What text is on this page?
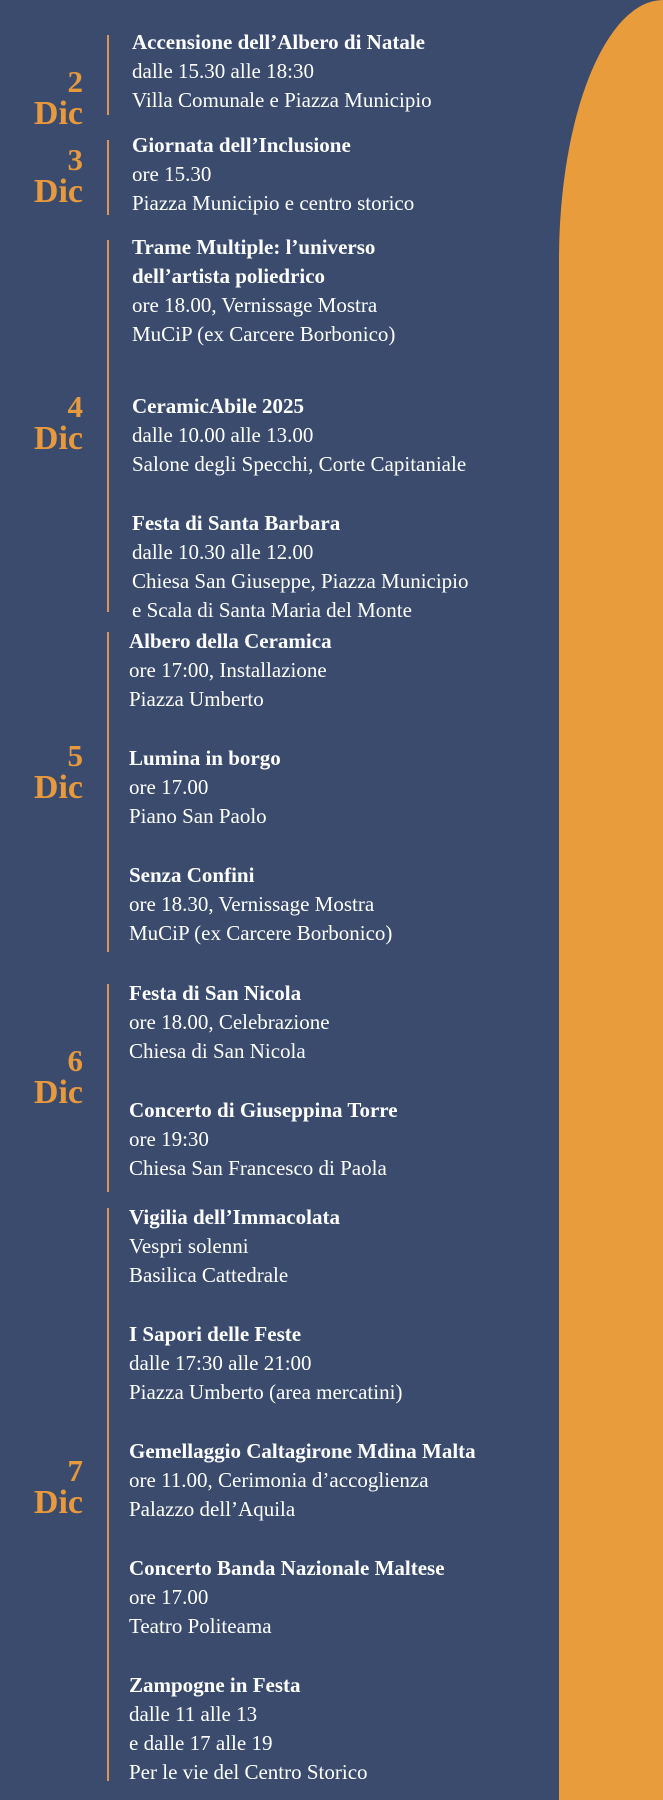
2
Dic
Accensione dell’Albero di Natale
dalle 15.30 alle 18:30
Villa Comunale e Piazza Municipio
3
Dic
Giornata dell’Inclusione
ore 15.30
Piazza Municipio e centro storico
4
Dic
Trame Multiple: l’universo
dell’artista poliedrico
ore 18.00, Vernissage Mostra
MuCiP (ex Carcere Borbonico)
CeramicAbile 2025
dalle 10.00 alle 13.00
Salone degli Specchi, Corte Capitaniale
Festa di Santa Barbara
dalle 10.30 alle 12.00
Chiesa San Giuseppe, Piazza Municipio
e Scala di Santa Maria del Monte
5
Dic
Albero della Ceramica
ore 17:00, Installazione
Piazza Umberto
Lumina in borgo
ore 17.00
Piano San Paolo
Senza Confini
ore 18.30, Vernissage Mostra
MuCiP (ex Carcere Borbonico)
6
Dic
Festa di San Nicola
ore 18.00, Celebrazione
Chiesa di San Nicola
Concerto di Giuseppina Torre
ore 19:30
Chiesa San Francesco di Paola
7
Dic
Vigilia dell’Immacolata
Vespri solenni
Basilica Cattedrale
I Sapori delle Feste
dalle 17:30 alle 21:00
Piazza Umberto (area mercatini)
Gemellaggio Caltagirone Mdina Malta
ore 11.00, Cerimonia d’accoglienza
Palazzo dell’Aquila
Concerto Banda Nazionale Maltese
ore 17.00
Teatro Politeama
Zampogne in Festa
dalle 11 alle 13
e dalle 17 alle 19
Per le vie del Centro Storico
